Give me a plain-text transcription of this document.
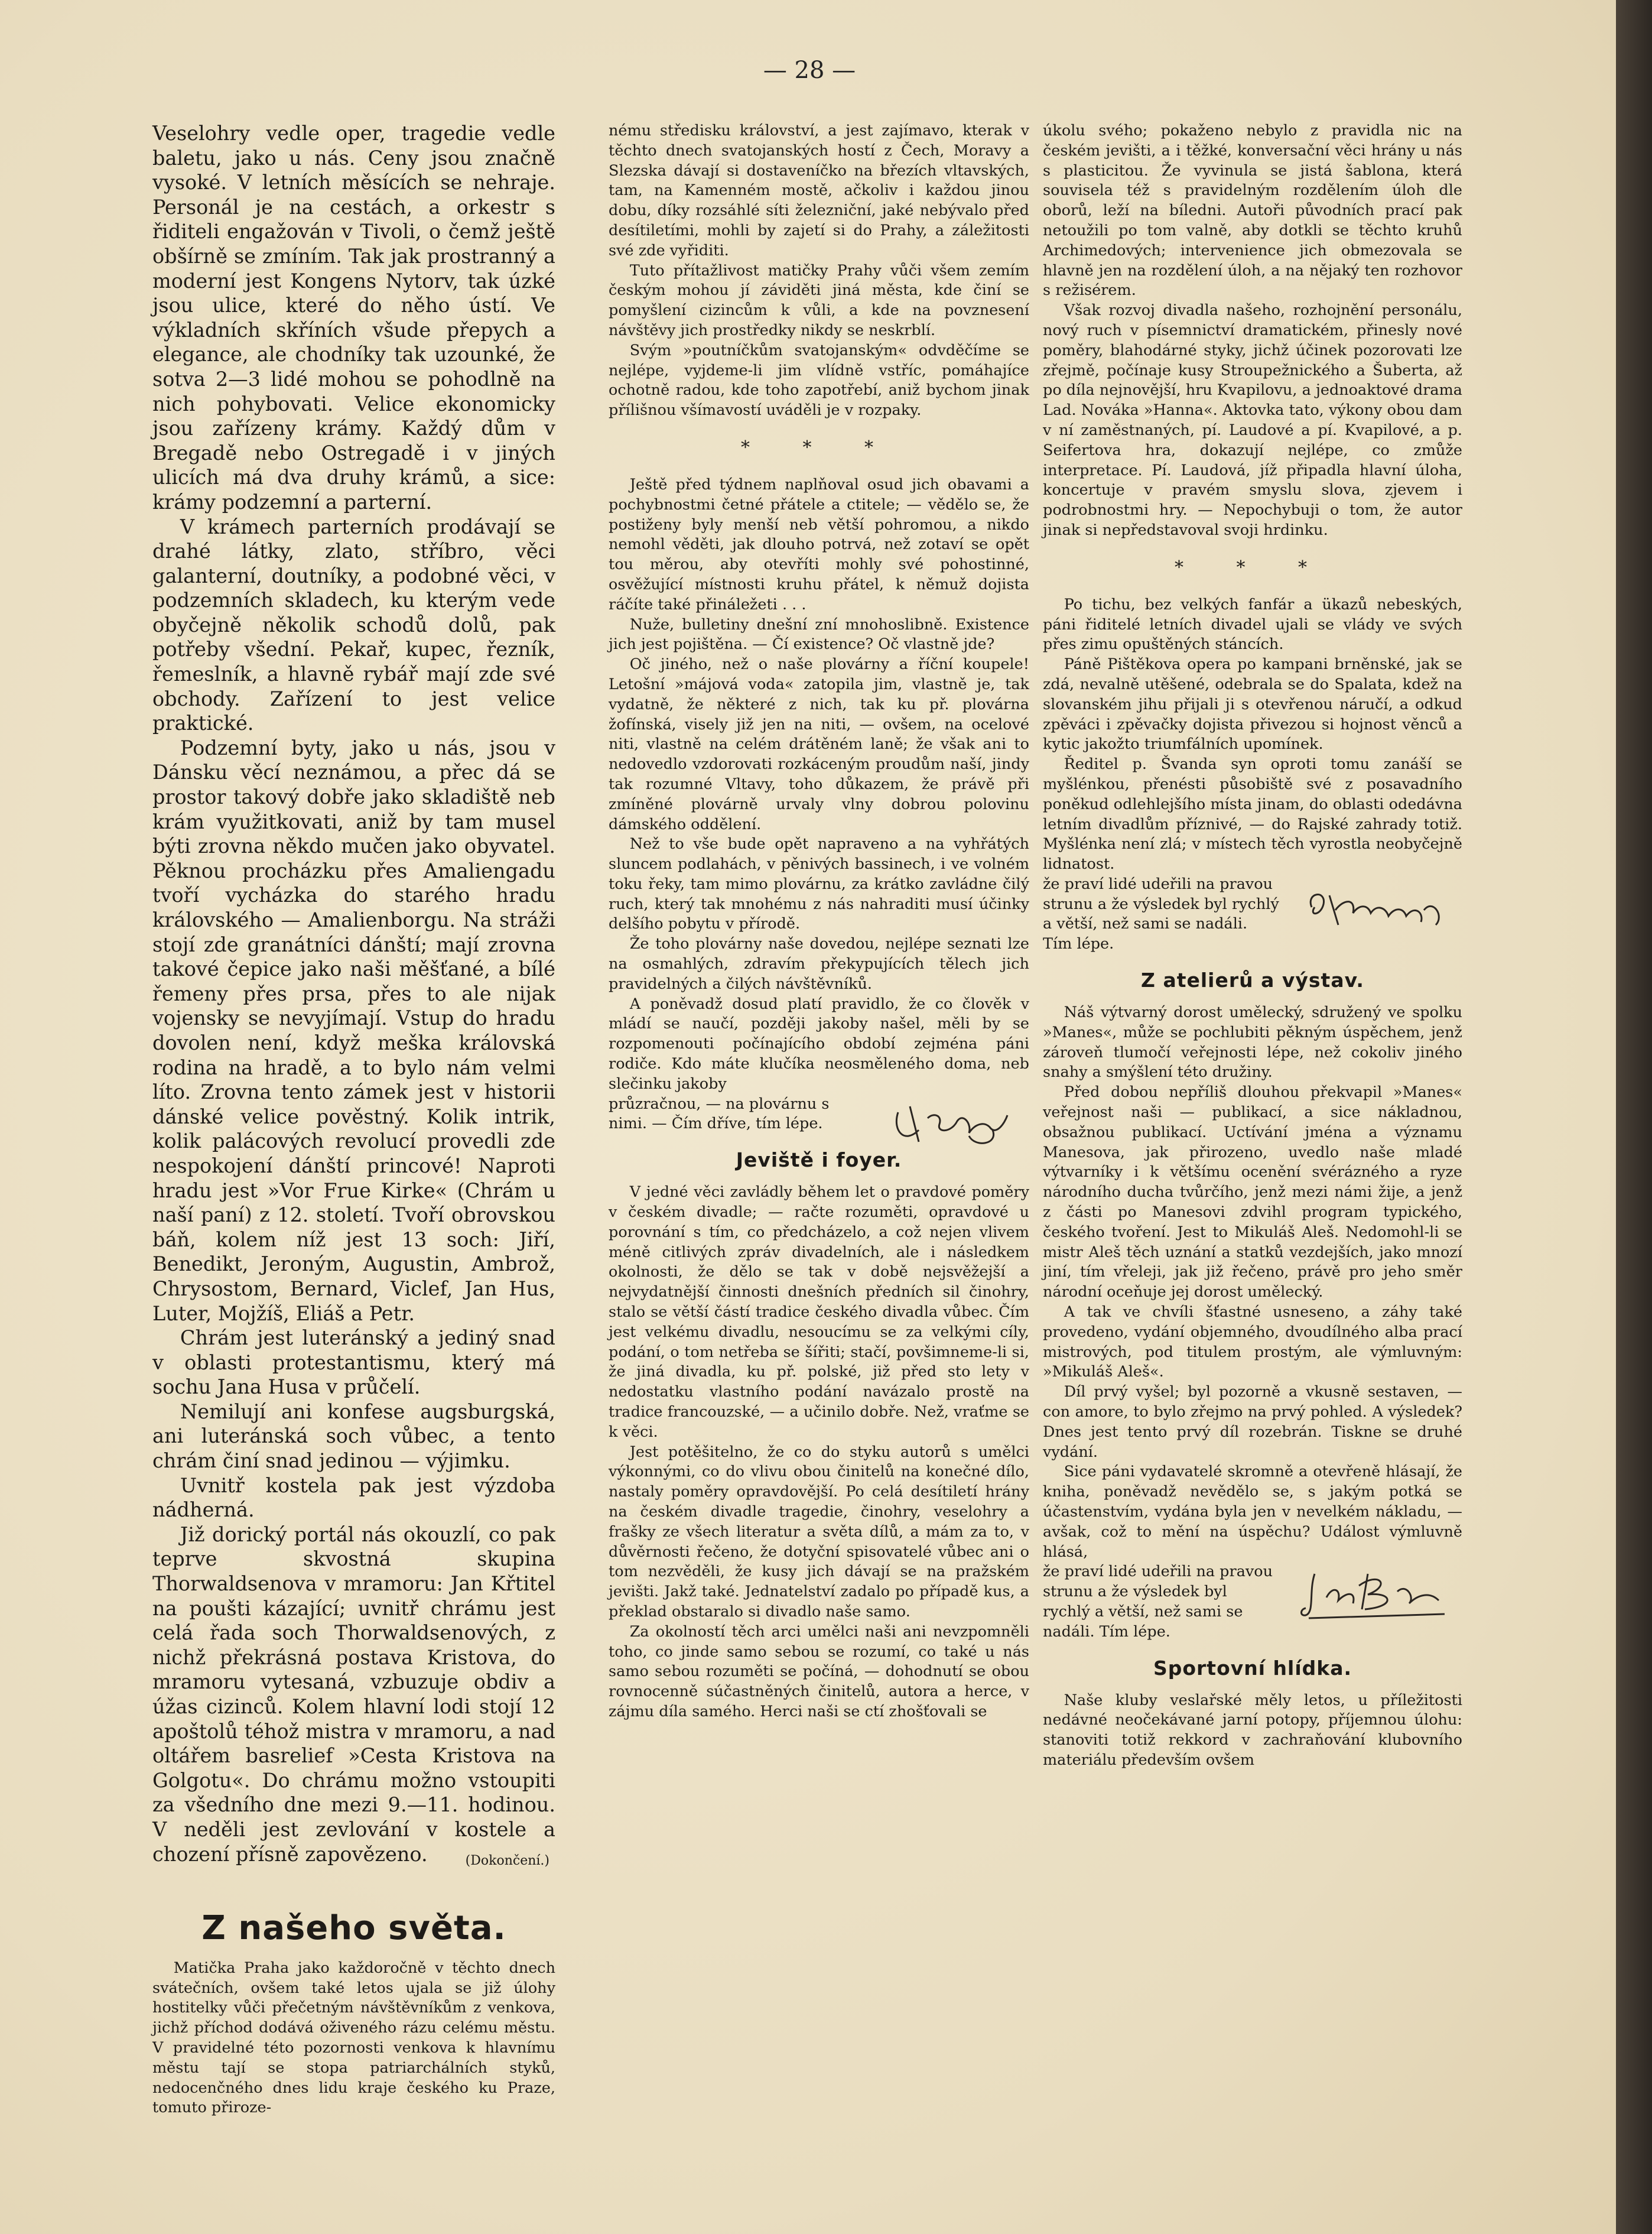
— 28 —

Veselohry vedle oper, tragedie vedle baletu, jako u nás. Ceny jsou značně vysoké. V letních měsících se nehraje. Personál je na cestách, a orkestr s řiditeli engažován v Tivoli, o čemž ještě obšírně se zmíním. Tak jak prostranný a moderní jest Kongens Nytorv, tak úzké jsou ulice, které do něho ústí. Ve výkladních skříních všude přepych a elegance, ale chodníky tak uzounké, že sotva 2—3 lidé mohou se pohodlně na nich pohybovati. Velice ekonomicky jsou zařízeny krámy. Každý dům v Bregadě nebo Ostregadě i v jiných ulicích má dva druhy krámů, a sice: krámy podzemní a parterní.

V krámech parterních prodávají se drahé látky, zlato, stříbro, věci galanterní, doutníky, a podobné věci, v podzemních skladech, ku kterým vede obyčejně několik schodů dolů, pak potřeby všední. Pekař, kupec, řezník, řemeslník, a hlavně rybář mají zde své obchody. Zařízení to jest velice praktické.

Podzemní byty, jako u nás, jsou v Dánsku věcí neznámou, a přec dá se prostor takový dobře jako skladiště neb krám využitkovati, aniž by tam musel býti zrovna někdo mučen jako obyvatel. Pěknou procházku přes Amaliengadu tvoří vycházka do starého hradu královského — Amalienborgu. Na stráži stojí zde granátníci dánští; mají zrovna takové čepice jako naši měšťané, a bílé řemeny přes prsa, přes to ale nijak vojensky se nevyjímají. Vstup do hradu dovolen není, když meška královská rodina na hradě, a to bylo nám velmi líto. Zrovna tento zámek jest v historii dánské velice pověstný. Kolik intrik, kolik palácových revolucí provedli zde nespokojení dánští princové! Naproti hradu jest »Vor Frue Kirke« (Chrám u naší paní) z 12. století. Tvoří obrovskou báň, kolem níž jest 13 soch: Jiří, Benedikt, Jeroným, Augustin, Ambrož, Chrysostom, Bernard, Viclef, Jan Hus, Luter, Mojžíš, Eliáš a Petr.

Chrám jest luteránský a jediný snad v oblasti protestantismu, který má sochu Jana Husa v průčelí.

Nemilují ani konfese augsburgská, ani luteránská soch vůbec, a tento chrám činí snad jedinou — výjimku.

Uvnitř kostela pak jest výzdoba nádherná.

Již dorický portál nás okouzlí, co pak teprve skvostná skupina Thorwaldsenova v mramoru: Jan Křtitel na poušti kázající; uvnitř chrámu jest celá řada soch Thorwaldsenových, z nichž překrásná postava Kristova, do mramoru vytesaná, vzbuzuje obdiv a úžas cizinců. Kolem hlavní lodi stojí 12 apoštolů téhož mistra v mramoru, a nad oltářem basrelief »Cesta Kristova na Golgotu«. Do chrámu možno vstoupiti za všedního dne mezi 9.—11. hodinou. V neděli jest zevlování v kostele a chození přísně zapovězeno.	(Dokončení.)
Z našeho světa.

Matička Praha jako každoročně v těchto dnech svátečních, ovšem také letos ujala se již úlohy hostitelky vůči přečetným návštěvníkům z venkova, jichž příchod dodává oživeného rázu celému městu. V pravidelné této pozornosti venkova k hlavnímu městu tají se stopa patriarchálních styků, nedocenčného dnes lidu kraje českého ku Praze, tomuto přiroze-

nému středisku království, a jest zajímavo, kterak v těchto dnech svatojanských hostí z Čech, Moravy a Slezska dávají si dostaveníčko na březích vltavských, tam, na Kamenném mostě, ačkoliv i každou jinou dobu, díky rozsáhlé síti železniční, jaké nebývalo před desítiletími, mohli by zajetí si do Prahy, a záležitosti své zde vyřiditi.

Tuto přítažlivost matičky Prahy vůči všem zemím českým mohou jí záviděti jiná města, kde činí se pomyšlení cizincům k vůli, a kde na povznesení návštěvy jich prostředky nikdy se neskrblí.

Svým »poutníčkům svatojanským« odvděčíme se nejlépe, vyjdeme-li jim vlídně vstříc, pomáhajíce ochotně radou, kde toho zapotřebí, aniž bychom jinak přílišnou všímavostí uváděli je v rozpaky.

* * *

Ještě před týdnem naplňoval osud jich obavami a pochybnostmi četné přátele a ctitele; — vědělo se, že postiženy byly menší neb větší pohromou, a nikdo nemohl věděti, jak dlouho potrvá, než zotaví se opět tou měrou, aby otevříti mohly své pohostinné, osvěžující místnosti kruhu přátel, k němuž dojista ráčíte také přináležeti . . .

Nuže, bulletiny dnešní zní mnohoslibně. Existence jich jest pojištěna. — Čí existence? Oč vlastně jde?

Oč jiného, než o naše plovárny a říční koupele! Letošní »májová voda« zatopila jim, vlastně je, tak vydatně, že některé z nich, tak ku př. plovárna žofínská, visely již jen na niti, — ovšem, na ocelové niti, vlastně na celém drátěném laně; že však ani to nedovedlo vzdorovati rozkáceným proudům naší, jindy tak rozumné Vltavy, toho důkazem, že právě při zmíněné plovárně urvaly vlny dobrou polovinu dámského oddělení.

Než to vše bude opět napraveno a na vyhřátých sluncem podlahách, v pěnivých bassinech, i ve volném toku řeky, tam mimo plovárnu, za krátko zavládne čilý ruch, který tak mnohému z nás nahraditi musí účinky delšího pobytu v přírodě.

Že toho plovárny naše dovedou, nejlépe seznati lze na osmahlých, zdravím překypujících tělech jich pravidelných a čilých návštěvníků.

A poněvadž dosud platí pravidlo, že co člověk v mládí se naučí, později jakoby našel, měli by se rozpomenouti počínajícího období zejména páni rodiče. Kdo máte klučíka neosměleného doma, neb slečinku jakoby

průzračnou, — na plovárnu s nimi. — Čím dříve, tím lépe.

Jeviště i foyer.

V jedné věci zavládly během let o pravdové poměry v českém divadle; — račte rozuměti, opravdové u porovnání s tím, co předcházelo, a což nejen vlivem méně citlivých zpráv divadelních, ale i následkem okolnosti, že dělo se tak v době nejsvěžejší a nejvydatnější činnosti dnešních předních sil činohry, stalo se větší částí tradice českého divadla vůbec. Čím jest velkému divadlu, nesoucímu se za velkými cíly, podání, o tom netřeba se šířiti; stačí, povšimneme-li si, že jiná divadla, ku př. polské, již před sto lety v nedostatku vlastního podání navázalo prostě na tradice francouzské, — a učinilo dobře. Než, vraťme se k věci.

Jest potěšitelno, že co do styku autorů s umělci výkonnými, co do vlivu obou činitelů na konečné dílo, nastaly poměry opravdovější. Po celá desítiletí hrány na českém divadle tragedie, činohry, veselohry a frašky ze všech literatur a světa dílů, a mám za to, v důvěrnosti řečeno, že dotyční spisovatelé vůbec ani o tom nezvěděli, že kusy jich dávají se na pražském jevišti. Jakž také. Jednatelství zadalo po případě kus, a překlad obstaralo si divadlo naše samo.

Za okolností těch arci umělci naši ani nevzpomněli toho, co jinde samo sebou se rozumí, co také u nás samo sebou rozuměti se počíná, — dohodnutí se obou rovnocenně súčastněných činitelů, autora a herce, v zájmu díla samého. Herci naši se ctí zhošťovali se

úkolu svého; pokaženo nebylo z pravidla nic na českém jevišti, a i těžké, konversační věci hrány u nás s plasticitou. Že vyvinula se jistá šablona, která souvisela též s pravidelným rozdělením úloh dle oborů, leží na bíledni. Autoři původních prací pak netoužili po tom valně, aby dotkli se těchto kruhů Archimedových; intervenience jich obmezovala se hlavně jen na rozdělení úloh, a na nějaký ten rozhovor s režisérem.

Však rozvoj divadla našeho, rozhojnění personálu, nový ruch v písemnictví dramatickém, přinesly nové poměry, blahodárné styky, jichž účinek pozorovati lze zřejmě, počínaje kusy Stroupežnického a Šuberta, až po díla nejnovější, hru Kvapilovu, a jednoaktové drama Lad. Nováka »Hanna«. Aktovka tato, výkony obou dam v ní zaměstnaných, pí. Laudové a pí. Kvapilové, a p. Seifertova hra, dokazují nejlépe, co zmůže interpretace. Pí. Laudová, jíž připadla hlavní úloha, koncertuje v pravém smyslu slova, zjevem i podrobnostmi hry. — Nepochybuji o tom, že autor jinak si nepředstavoval svoji hrdinku.

* * *

Po tichu, bez velkých fanfár a ükazů nebeských, páni řiditelé letních divadel ujali se vlády ve svých přes zimu opuštěných stáncích.

Páně Pištěkova opera po kampani brněnské, jak se zdá, nevalně utěšené, odebrala se do Spalata, kdež na slovanském jihu přijali ji s otevřenou náručí, a odkud zpěváci i zpěvačky dojista přivezou si hojnost věnců a kytic jakožto triumfálních upomínek.

Ředitel p. Švanda syn oproti tomu zanáší se myšlénkou, přenésti působiště své z posavadního poněkud odlehlejšího místa jinam, do oblasti odedávna letním divadlům příznivé, — do Rajské zahrady totiž. Myšlénka není zlá; v místech těch vyrostla neobyčejně lidnatost.

že praví lidé udeřili na pravou strunu a že výsledek byl rychlý a větší, než sami se nadáli. Tím lépe.

Z atelierů a výstav.

Náš výtvarný dorost umělecký, sdružený ve spolku »Manes«, může se pochlubiti pěkným úspěchem, jenž zároveň tlumočí veřejnosti lépe, než cokoliv jiného snahy a smýšlení této družiny.

Před dobou nepříliš dlouhou překvapil »Manes« veřejnost naši — publikací, a sice nákladnou, obsažnou publikací. Uctívání jména a významu Manesova, jak přirozeno, uvedlo naše mladé výtvarníky i k většímu ocenění svérázného a ryze národního ducha tvůrčího, jenž mezi námi žije, a jenž z části po Manesovi zdvihl program typického, českého tvoření. Jest to Mikuláš Aleš. Nedomohl-li se mistr Aleš těch uznání a statků vezdejších, jako mnozí jiní, tím vřeleji, jak již řečeno, právě pro jeho směr národní oceňuje jej dorost umělecký.

A tak ve chvíli šťastné usneseno, a záhy také provedeno, vydání objemného, dvoudílného alba prací mistrových, pod titulem prostým, ale výmluvným: »Mikuláš Aleš«.

Díl prvý vyšel; byl pozorně a vkusně sestaven, — con amore, to bylo zřejmo na prvý pohled. A výsledek? Dnes jest tento prvý díl rozebrán. Tiskne se druhé vydání.

Sice páni vydavatelé skromně a otevřeně hlásají, že kniha, poněvadž nevědělo se, s jakým potká se účastenstvím, vydána byla jen v nevelkém nákladu, — avšak, což to mění na úspěchu? Událost výmluvně hlásá,

že praví lidé udeřili na pravou strunu a že výsledek byl rychlý a větší, než sami se nadáli. Tím lépe.

Sportovní hlídka.

Naše kluby veslařské měly letos, u příležitosti nedávné neočekávané jarní potopy, příjemnou úlohu: stanoviti totiž rekkord v zachraňování klubovního materiálu především ovšem
